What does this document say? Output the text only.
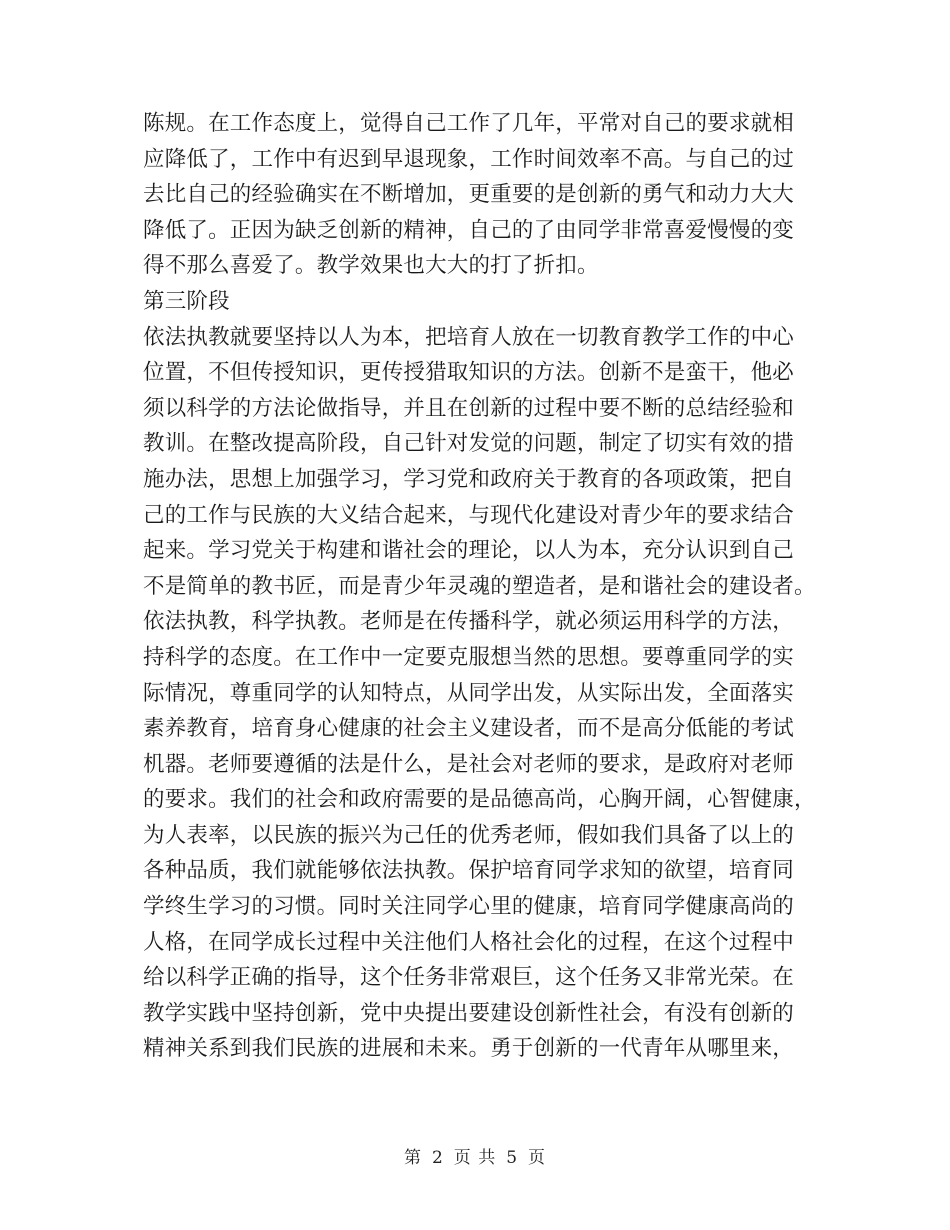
陈规。在工作态度上，觉得自己工作了几年，平常对自己的要求就相
应降低了，工作中有迟到早退现象，工作时间效率不高。与自己的过
去比自己的经验确实在不断增加，更重要的是创新的勇气和动力大大
降低了。正因为缺乏创新的精神，自己的了由同学非常喜爱慢慢的变
得不那么喜爱了。教学效果也大大的打了折扣。
第三阶段
依法执教就要坚持以人为本，把培育人放在一切教育教学工作的中心
位置，不但传授知识，更传授猎取知识的方法。创新不是蛮干，他必
须以科学的方法论做指导，并且在创新的过程中要不断的总结经验和
教训。在整改提高阶段，自己针对发觉的问题，制定了切实有效的措
施办法，思想上加强学习，学习党和政府关于教育的各项政策，把自
己的工作与民族的大义结合起来，与现代化建设对青少年的要求结合
起来。学习党关于构建和谐社会的理论，以人为本，充分认识到自己
不是简单的教书匠，而是青少年灵魂的塑造者，是和谐社会的建设者。
依法执教，科学执教。老师是在传播科学，就必须运用科学的方法，
持科学的态度。在工作中一定要克服想当然的思想。要尊重同学的实
际情况，尊重同学的认知特点，从同学出发，从实际出发，全面落实
素养教育，培育身心健康的社会主义建设者，而不是高分低能的考试
机器。老师要遵循的法是什么，是社会对老师的要求，是政府对老师
的要求。我们的社会和政府需要的是品德高尚，心胸开阔，心智健康，
为人表率，以民族的振兴为己任的优秀老师，假如我们具备了以上的
各种品质，我们就能够依法执教。保护培育同学求知的欲望，培育同
学终生学习的习惯。同时关注同学心里的健康，培育同学健康高尚的
人格，在同学成长过程中关注他们人格社会化的过程，在这个过程中
给以科学正确的指导，这个任务非常艰巨，这个任务又非常光荣。在
教学实践中坚持创新，党中央提出要建设创新性社会，有没有创新的
精神关系到我们民族的进展和未来。勇于创新的一代青年从哪里来，
第 2 页 共 5 页
